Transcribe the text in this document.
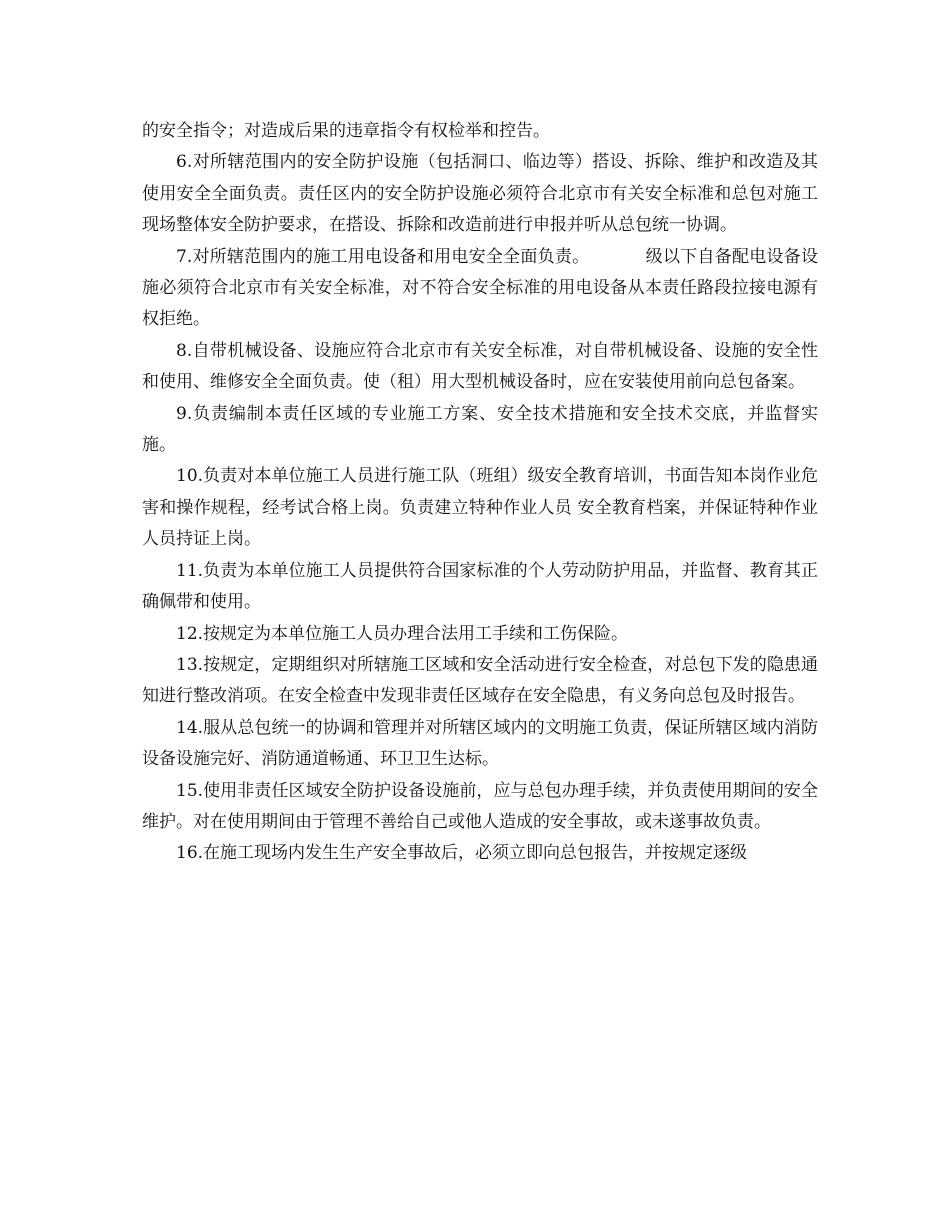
的安全指令；对造成后果的违章指令有权检举和控告。

6.对所辖范围内的安全防护设施（包括洞口、临边等）搭设、拆除、维护和改造及其使用安全全面负责。责任区内的安全防护设施必须符合北京市有关安全标准和总包对施工现场整体安全防护要求，在搭设、拆除和改造前进行申报并听从总包统一协调。

7.对所辖范围内的施工用电设备和用电安全全面负责。	级以下自备配电设备设施必须符合北京市有关安全标准，对不符合安全标准的用电设备从本责任路段拉接电源有权拒绝。

8.自带机械设备、设施应符合北京市有关安全标准，对自带机械设备、设施的安全性和使用、维修安全全面负责。使（租）用大型机械设备时，应在安装使用前向总包备案。

9.负责编制本责任区域的专业施工方案、安全技术措施和安全技术交底，并监督实施。

10.负责对本单位施工人员进行施工队（班组）级安全教育培训，书面告知本岗作业危害和操作规程，经考试合格上岗。负责建立特种作业人员 安全教育档案，并保证特种作业人员持证上岗。

11.负责为本单位施工人员提供符合国家标准的个人劳动防护用品，并监督、教育其正确佩带和使用。

12.按规定为本单位施工人员办理合法用工手续和工伤保险。

13.按规定，定期组织对所辖施工区域和安全活动进行安全检查，对总包下发的隐患通知进行整改消项。在安全检查中发现非责任区域存在安全隐患，有义务向总包及时报告。

14.服从总包统一的协调和管理并对所辖区域内的文明施工负责，保证所辖区域内消防设备设施完好、消防通道畅通、环卫卫生达标。

15.使用非责任区域安全防护设备设施前，应与总包办理手续，并负责使用期间的安全维护。对在使用期间由于管理不善给自己或他人造成的安全事故，或未遂事故负责。

16.在施工现场内发生生产安全事故后，必须立即向总包报告，并按规定逐级
